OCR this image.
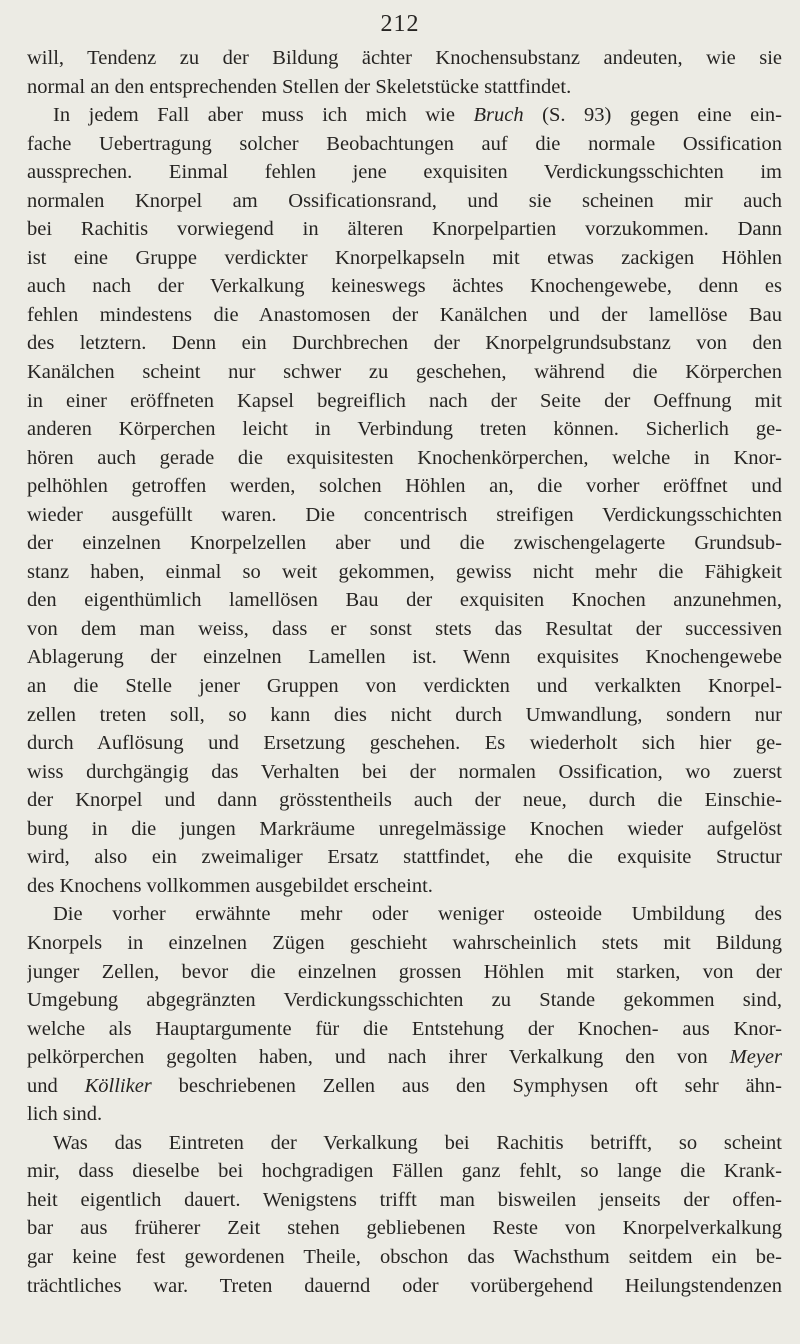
212
will, Tendenz zu der Bildung ächter Knochensubstanz andeuten, wie sie
normal an den entsprechenden Stellen der Skeletstücke stattfindet.
In jedem Fall aber muss ich mich wie Bruch (S. 93) gegen eine ein-
fache Uebertragung solcher Beobachtungen auf die normale Ossification
aussprechen. Einmal fehlen jene exquisiten Verdickungsschichten im
normalen Knorpel am Ossificationsrand, und sie scheinen mir auch
bei Rachitis vorwiegend in älteren Knorpelpartien vorzukommen. Dann
ist eine Gruppe verdickter Knorpelkapseln mit etwas zackigen Höhlen
auch nach der Verkalkung keineswegs ächtes Knochengewebe, denn es
fehlen mindestens die Anastomosen der Kanälchen und der lamellöse Bau
des letztern. Denn ein Durchbrechen der Knorpelgrundsubstanz von den
Kanälchen scheint nur schwer zu geschehen, während die Körperchen
in einer eröffneten Kapsel begreiflich nach der Seite der Oeffnung mit
anderen Körperchen leicht in Verbindung treten können. Sicherlich ge-
hören auch gerade die exquisitesten Knochenkörperchen, welche in Knor-
pelhöhlen getroffen werden, solchen Höhlen an, die vorher eröffnet und
wieder ausgefüllt waren. Die concentrisch streifigen Verdickungsschichten
der einzelnen Knorpelzellen aber und die zwischengelagerte Grundsub-
stanz haben, einmal so weit gekommen, gewiss nicht mehr die Fähigkeit
den eigenthümlich lamellösen Bau der exquisiten Knochen anzunehmen,
von dem man weiss, dass er sonst stets das Resultat der successiven
Ablagerung der einzelnen Lamellen ist. Wenn exquisites Knochengewebe
an die Stelle jener Gruppen von verdickten und verkalkten Knorpel-
zellen treten soll, so kann dies nicht durch Umwandlung, sondern nur
durch Auflösung und Ersetzung geschehen. Es wiederholt sich hier ge-
wiss durchgängig das Verhalten bei der normalen Ossification, wo zuerst
der Knorpel und dann grösstentheils auch der neue, durch die Einschie-
bung in die jungen Markräume unregelmässige Knochen wieder aufgelöst
wird, also ein zweimaliger Ersatz stattfindet, ehe die exquisite Structur
des Knochens vollkommen ausgebildet erscheint.
Die vorher erwähnte mehr oder weniger osteoide Umbildung des
Knorpels in einzelnen Zügen geschieht wahrscheinlich stets mit Bildung
junger Zellen, bevor die einzelnen grossen Höhlen mit starken, von der
Umgebung abgegränzten Verdickungsschichten zu Stande gekommen sind,
welche als Hauptargumente für die Entstehung der Knochen- aus Knor-
pelkörperchen gegolten haben, und nach ihrer Verkalkung den von Meyer
und Kölliker beschriebenen Zellen aus den Symphysen oft sehr ähn-
lich sind.
Was das Eintreten der Verkalkung bei Rachitis betrifft, so scheint
mir, dass dieselbe bei hochgradigen Fällen ganz fehlt, so lange die Krank-
heit eigentlich dauert. Wenigstens trifft man bisweilen jenseits der offen-
bar aus früherer Zeit stehen gebliebenen Reste von Knorpelverkalkung
gar keine fest gewordenen Theile, obschon das Wachsthum seitdem ein be-
trächtliches war. Treten dauernd oder vorübergehend Heilungstendenzen
